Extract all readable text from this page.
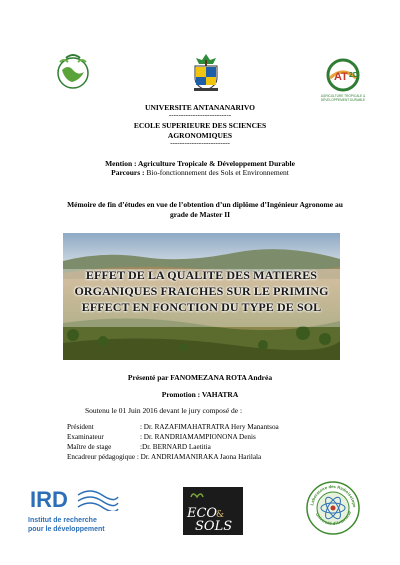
AT 2D
AGRICULTURE TROPICALE & DÉVELOPPEMENT DURABLE
UNIVERSITE ANTANANARIVO
--------------------------
ECOLE SUPERIEURE DES SCIENCES
AGRONOMIQUES
-------------------------
Mention : Agriculture Tropicale & Développement Durable
Parcours : Bio-fonctionnement des Sols et Environnement
Mémoire de fin d’études en vue de l’obtention d’un diplôme d’Ingénieur Agronome au
grade de Master II
EFFET DE LA QUALITE DES MATIERES
ORGANIQUES FRAICHES SUR LE PRIMING
EFFECT EN FONCTION DU TYPE DE SOL
Présenté par FANOMEZANA ROTA Andréa
Promotion : VAHATRA
Soutenu le 01 Juin 2016 devant le jury composé de :
Président	: Dr. RAZAFIMAHATRATRA Hery Manantsoa
Examinateur	: Dr. RANDRIAMAMPIONONA Denis
Maître de stage	:Dr. BERNARD Laetitia
Encadreur pédagogique : Dr. ANDRIAMANIRAKA Jaona Harilala
IRD
Institut de recherche
pour le développement
ECO
&
SOLS
Laboratoire des Radioisotope
Université d'Antananar
